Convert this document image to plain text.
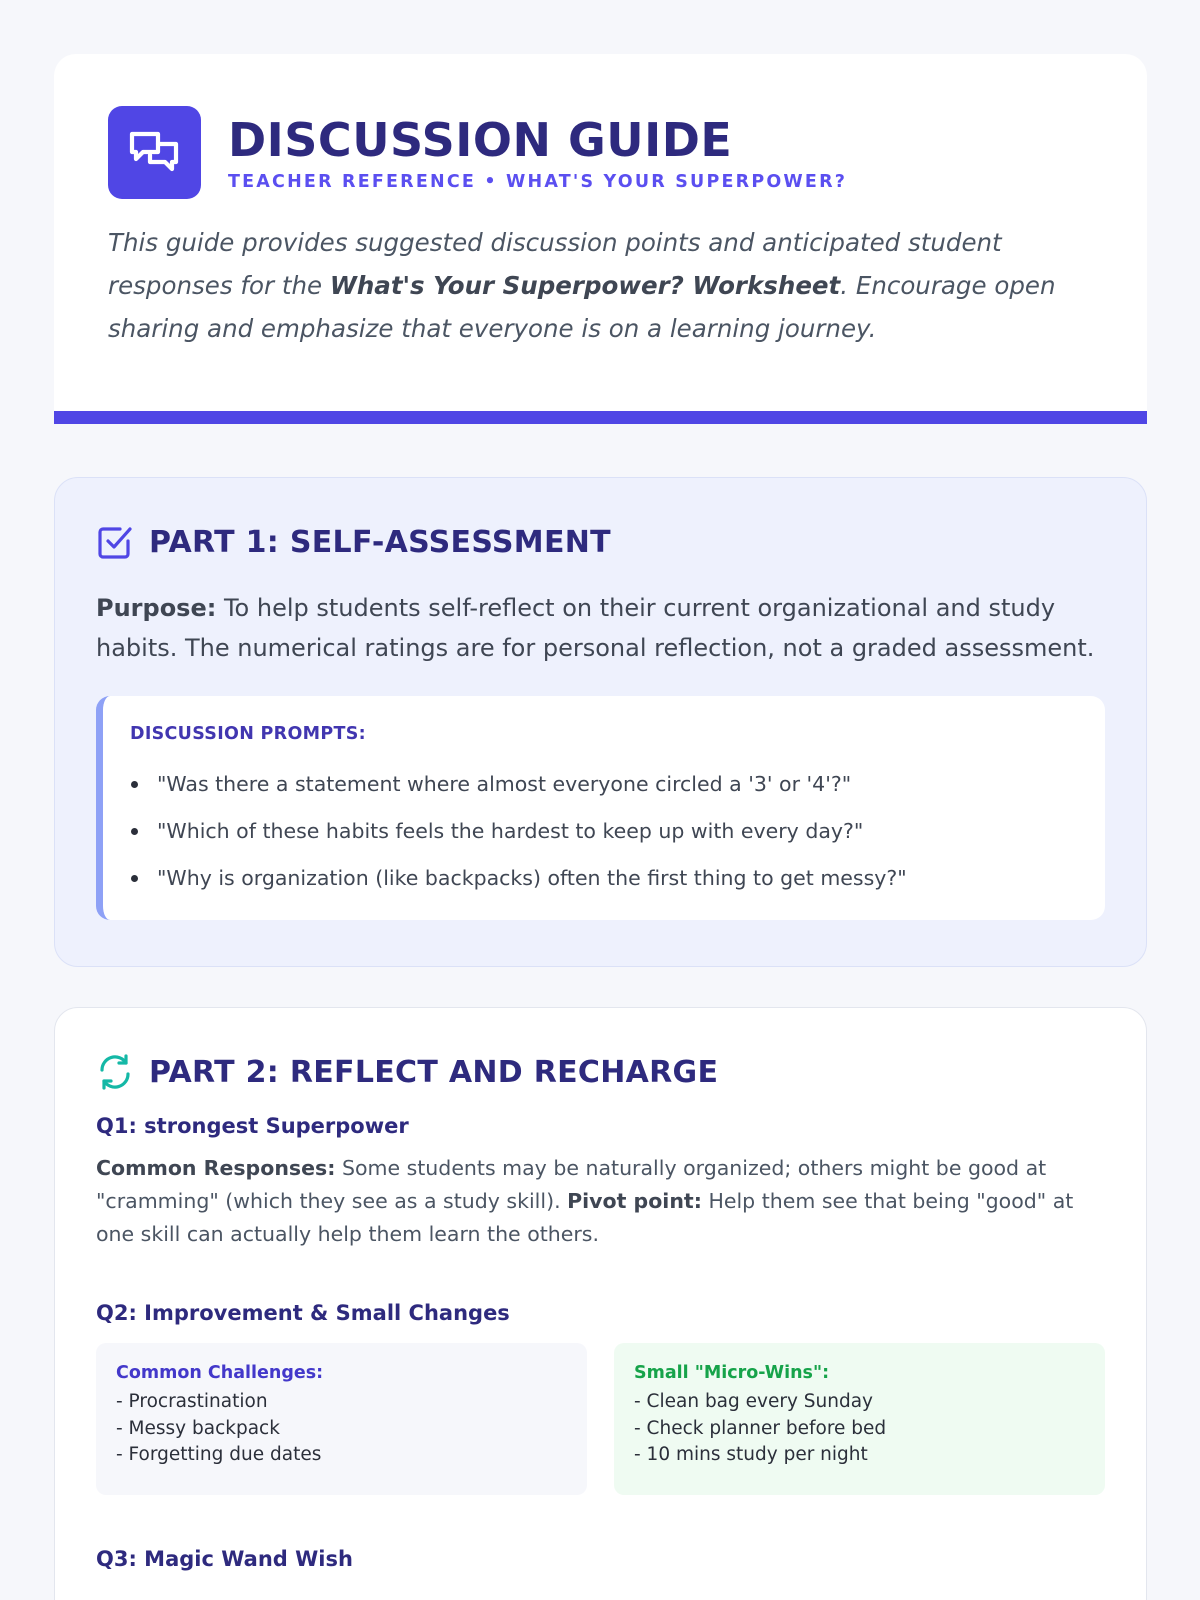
DISCUSSION GUIDE
TEACHER REFERENCE • WHAT'S YOUR SUPERPOWER?

This guide provides suggested discussion points and anticipated student responses for the What's Your Superpower? Worksheet. Encourage open sharing and emphasize that everyone is on a learning journey.

PART 1: SELF-ASSESSMENT

Purpose: To help students self-reflect on their current organizational and study habits. The numerical ratings are for personal reflection, not a graded assessment.

DISCUSSION PROMPTS:
"Was there a statement where almost everyone circled a '3' or '4'?"
"Which of these habits feels the hardest to keep up with every day?"
"Why is organization (like backpacks) often the first thing to get messy?"
PART 2: REFLECT AND RECHARGE
Q1: strongest Superpower

Common Responses: Some students may be naturally organized; others might be good at "cramming" (which they see as a study skill). Pivot point: Help them see that being "good" at one skill can actually help them learn the others.

Q2: Improvement & Small Changes
Common Challenges:
- Procrastination
- Messy backpack
- Forgetting due dates
Small "Micro-Wins":
- Clean bag every Sunday
- Check planner before bed
- 10 mins study per night
Q3: Magic Wand Wish
